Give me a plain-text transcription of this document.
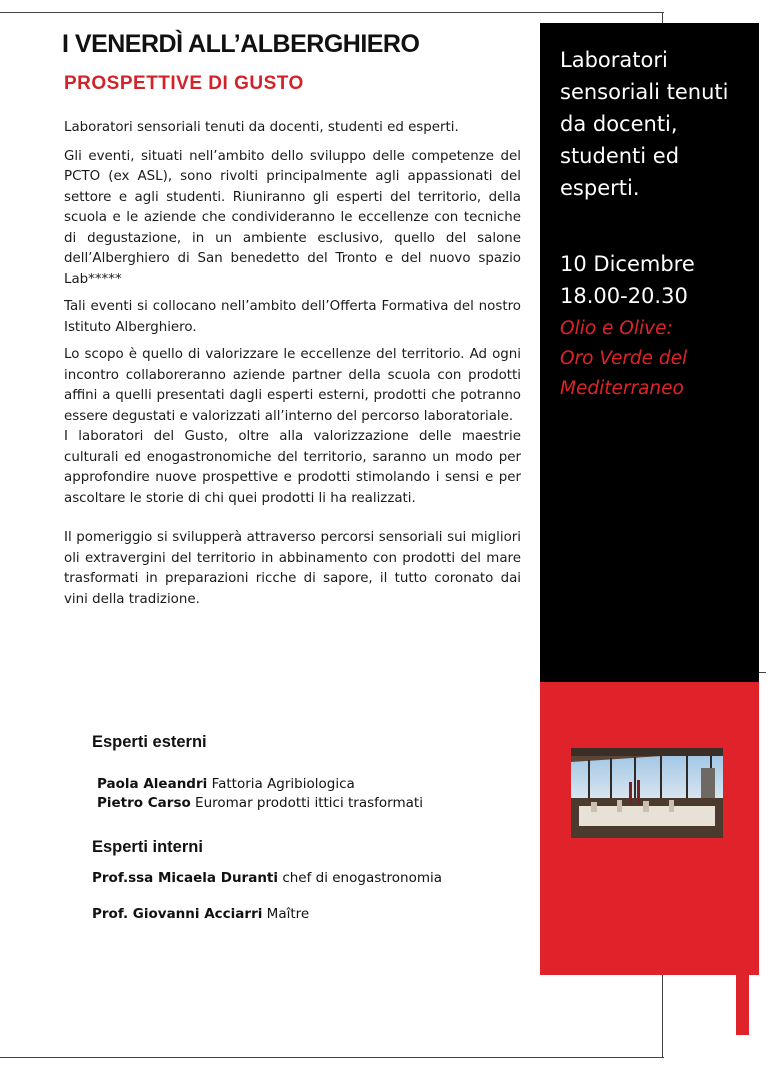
I VENERDÌ ALL’ALBERGHIERO
PROSPETTIVE DI GUSTO

Laboratori sensoriali tenuti da docenti, studenti ed esperti.

Gli eventi, situati nell’ambito dello sviluppo delle competenze del PCTO (ex ASL), sono rivolti principalmente agli appassionati del settore e agli studenti. Riuniranno gli esperti del territorio, della scuola e le aziende che condivideranno le eccellenze con tecniche di degustazione, in un ambiente esclusivo, quello del salone dell’Alberghiero di San benedetto del Tronto e del nuovo spazio Lab*****

Tali eventi si collocano nell’ambito dell’Offerta Formativa del nostro Istituto Alberghiero.

Lo scopo è quello di valorizzare le eccellenze del territorio. Ad ogni incontro collaboreranno aziende partner della scuola con prodotti affini a quelli presentati dagli esperti esterni, prodotti che potranno essere degustati e valorizzati all’interno del percorso laboratoriale.

I laboratori del Gusto, oltre alla valorizzazione delle maestrie culturali ed enogastronomiche del territorio, saranno un modo per approfondire nuove prospettive e prodotti stimolando i sensi e per ascoltare le storie di chi quei prodotti li ha realizzati.

Il pomeriggio si svilupperà attraverso percorsi sensoriali sui migliori oli extravergini del territorio in abbinamento con prodotti del mare trasformati in preparazioni ricche di sapore, il tutto coronato dai vini della tradizione.

Laboratori sensoriali tenuti da docenti, studenti ed esperti.
10 Dicembre
18.00-20.30
Olio e Olive:
Oro Verde del Mediterraneo
Esperti esterni
Paola Aleandri Fattoria Agribiologica
Pietro Carso Euromar prodotti ittici trasformati
Esperti interni
Prof.ssa Micaela Duranti chef di enogastronomia
Prof. Giovanni Acciarri Maître
